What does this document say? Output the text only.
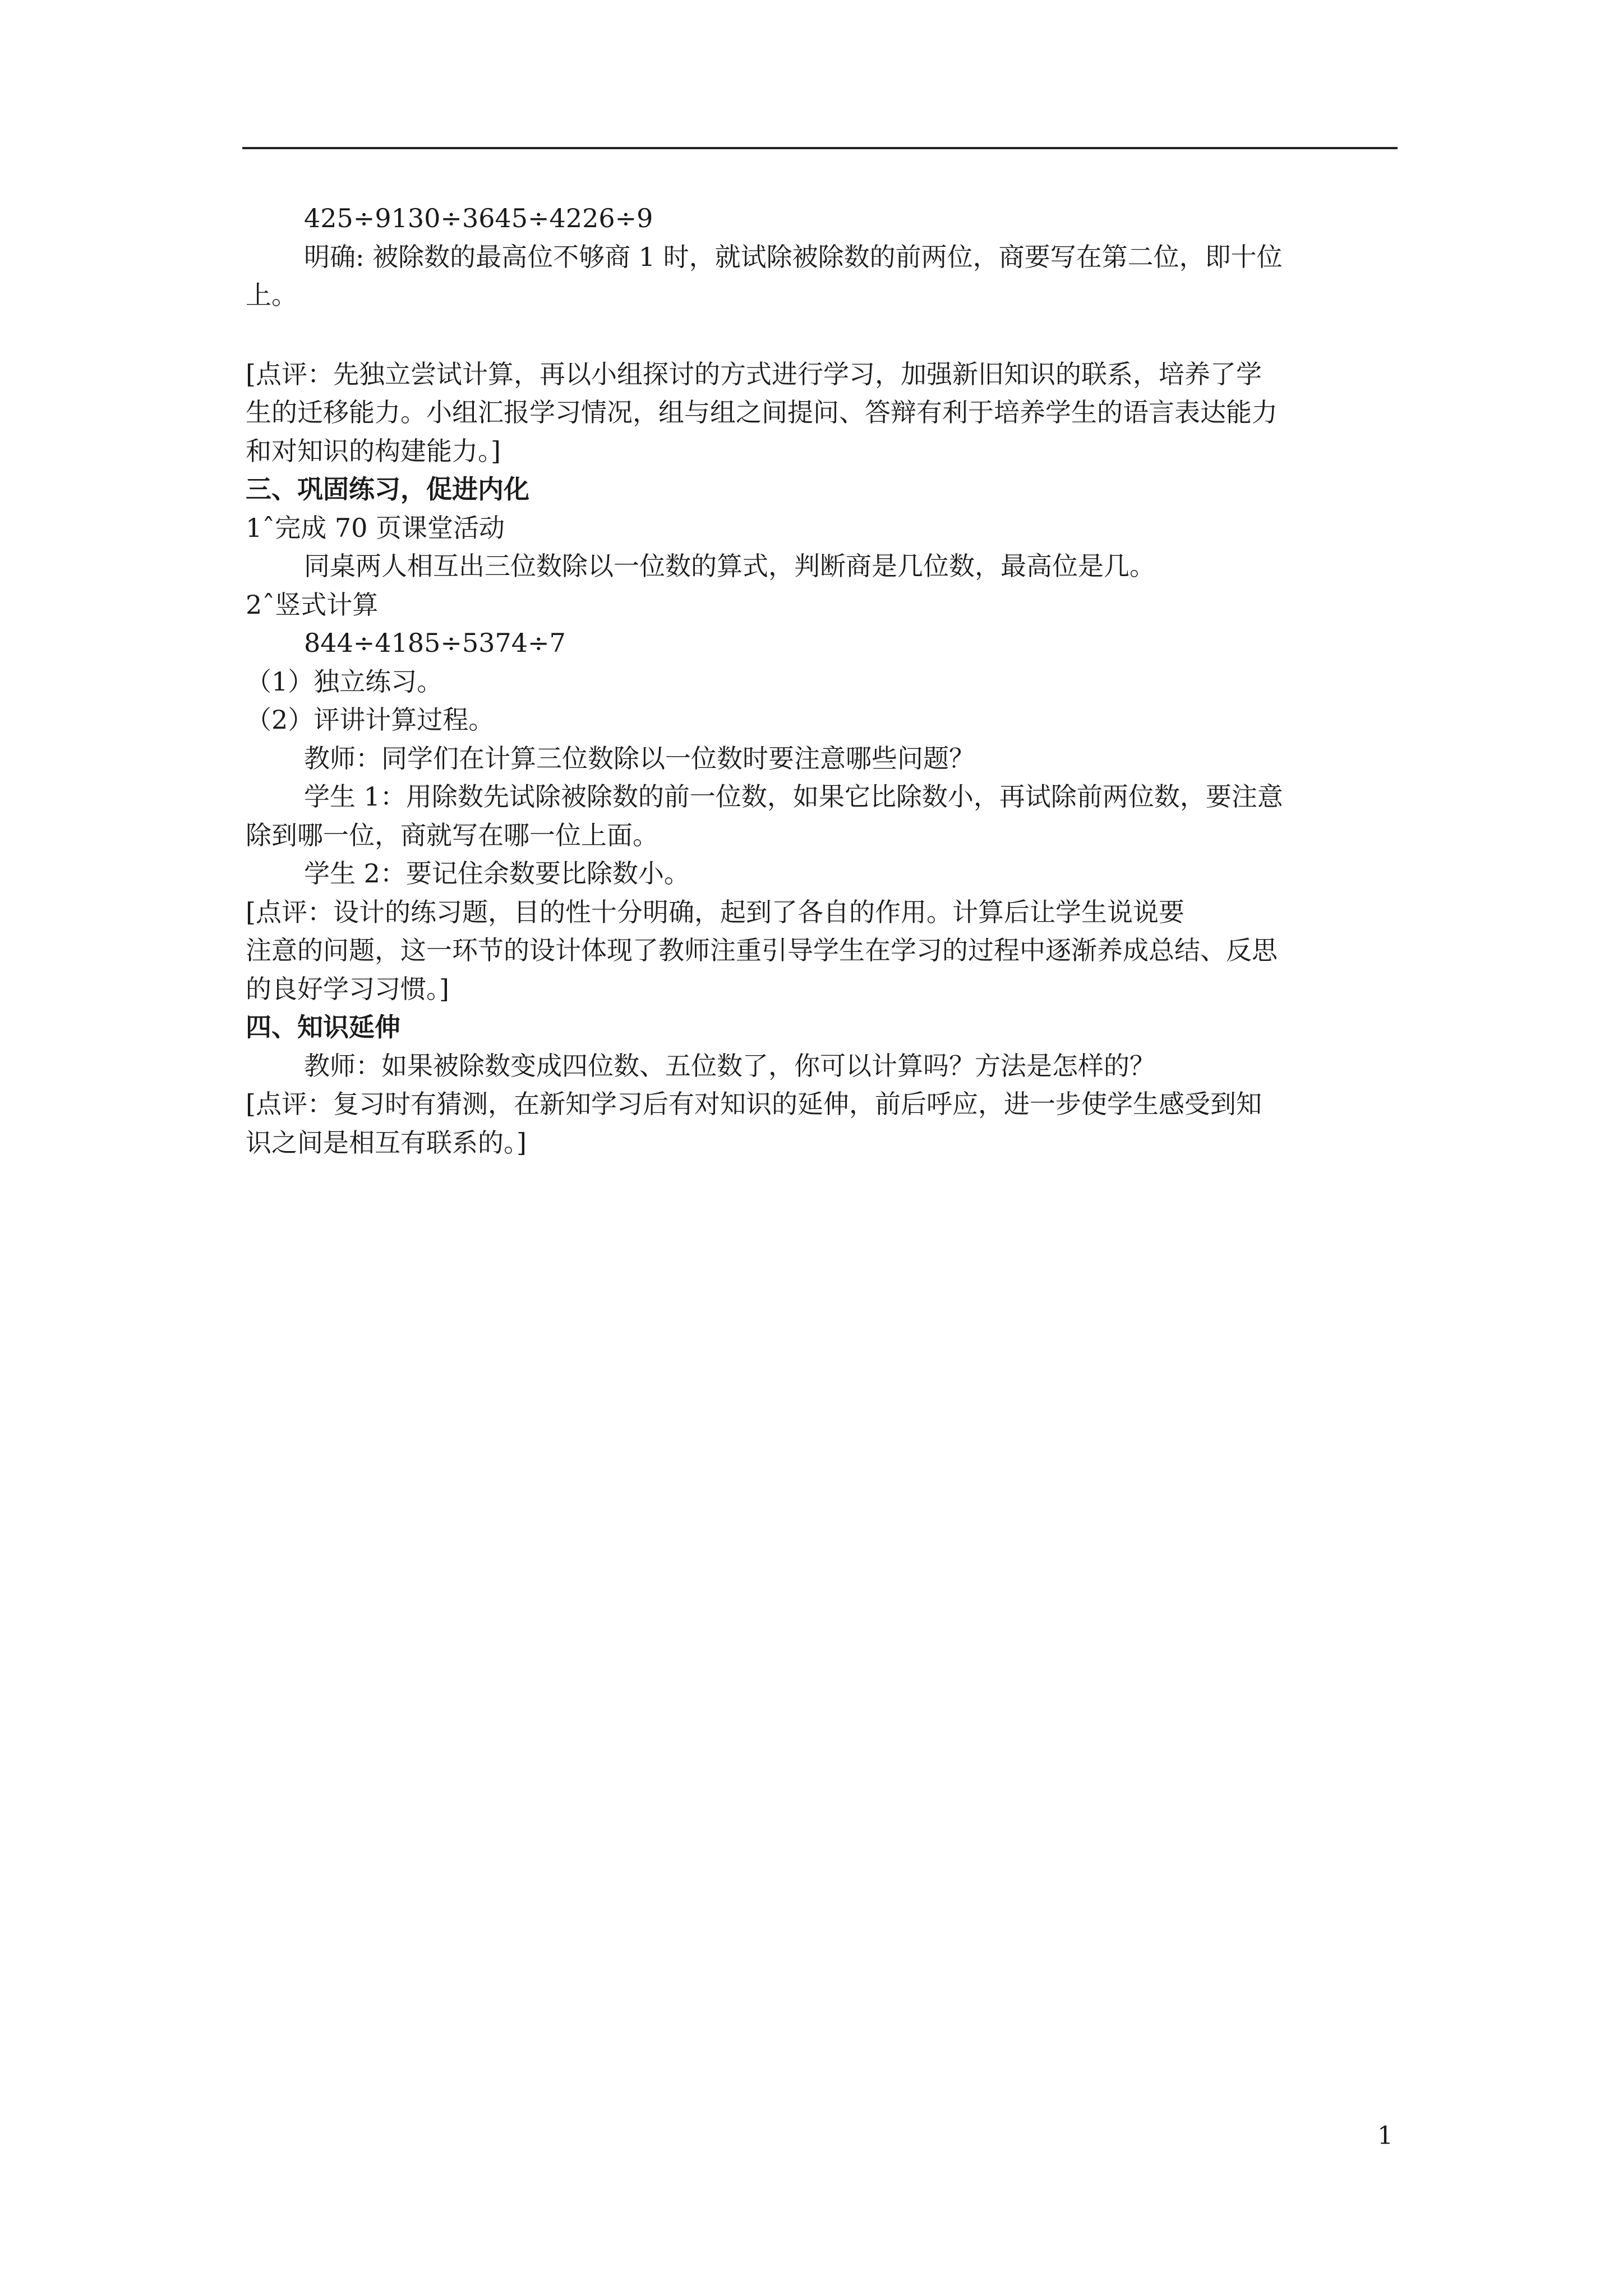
425÷9130÷3645÷4226÷9
明确: 被除数的最高位不够商 1 时，就试除被除数的前两位，商要写在第二位，即十位
上。
[点评：先独立尝试计算，再以小组探讨的方式进行学习，加强新旧知识的联系，培养了学
生的迁移能力。小组汇报学习情况，组与组之间提问、答辩有利于培养学生的语言表达能力
和对知识的构建能力。]
三、巩固练习，促进内化
1ˆ完成 70 页课堂活动
同桌两人相互出三位数除以一位数的算式，判断商是几位数，最高位是几。
2ˆ竖式计算
844÷4185÷5374÷7
（1）独立练习。
（2）评讲计算过程。
教师：同学们在计算三位数除以一位数时要注意哪些问题？
学生 1：用除数先试除被除数的前一位数，如果它比除数小，再试除前两位数，要注意
除到哪一位，商就写在哪一位上面。
学生 2：要记住余数要比除数小。
[点评：设计的练习题，目的性十分明确，起到了各自的作用。计算后让学生说说要
注意的问题，这一环节的设计体现了教师注重引导学生在学习的过程中逐渐养成总结、反思
的良好学习习惯。]
四、知识延伸
教师：如果被除数变成四位数、五位数了，你可以计算吗？方法是怎样的？
[点评：复习时有猜测，在新知学习后有对知识的延伸，前后呼应，进一步使学生感受到知
识之间是相互有联系的。]
1
